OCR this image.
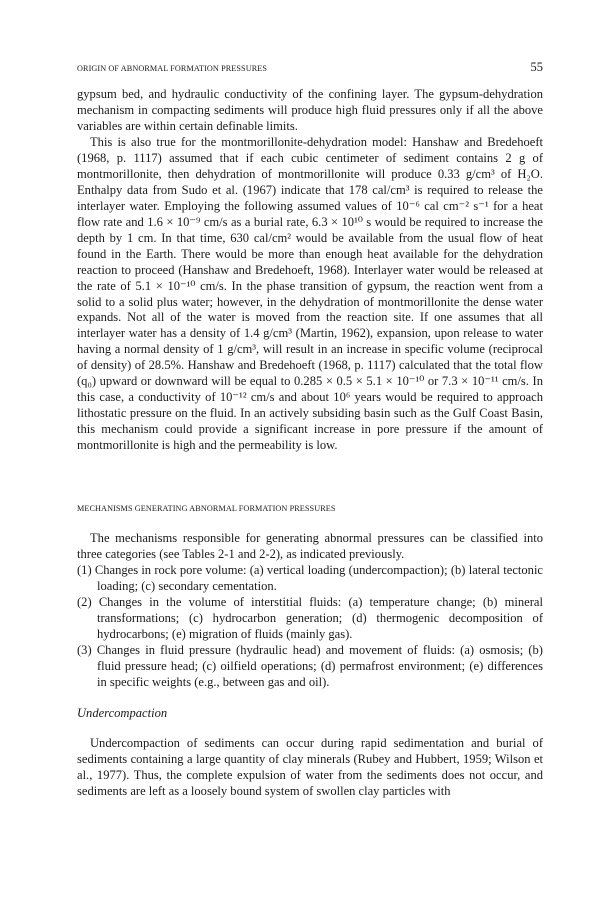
ORIGIN OF ABNORMAL FORMATION PRESSURES	55

gypsum bed, and hydraulic conductivity of the confining layer. The gypsum-dehydration mechanism in compacting sediments will produce high fluid pressures only if all the above variables are within certain definable limits.

This is also true for the montmorillonite-dehydration model: Hanshaw and Bredehoeft (1968, p. 1117) assumed that if each cubic centimeter of sediment contains 2 g of montmorillonite, then dehydration of montmorillonite will produce 0.33 g/cm³ of H₂O. Enthalpy data from Sudo et al. (1967) indicate that 178 cal/cm³ is required to release the interlayer water. Employing the following assumed values of 10⁻⁶ cal cm⁻² s⁻¹ for a heat flow rate and 1.6 × 10⁻⁹ cm/s as a burial rate, 6.3 × 10¹⁰ s would be required to increase the depth by 1 cm. In that time, 630 cal/cm² would be available from the usual flow of heat found in the Earth. There would be more than enough heat available for the dehydration reaction to proceed (Hanshaw and Bredehoeft, 1968). Interlayer water would be released at the rate of 5.1 × 10⁻¹⁰ cm/s. In the phase transition of gypsum, the reaction went from a solid to a solid plus water; however, in the dehydration of montmorillonite the dense water expands. Not all of the water is moved from the reaction site. If one assumes that all interlayer water has a density of 1.4 g/cm³ (Martin, 1962), expansion, upon release to water having a normal density of 1 g/cm³, will result in an increase in specific volume (reciprocal of density) of 28.5%. Hanshaw and Bredehoeft (1968, p. 1117) calculated that the total flow (q₀) upward or downward will be equal to 0.285 × 0.5 × 5.1 × 10⁻¹⁰ or 7.3 × 10⁻¹¹ cm/s. In this case, a conductivity of 10⁻¹² cm/s and about 10⁶ years would be required to approach lithostatic pressure on the fluid. In an actively subsiding basin such as the Gulf Coast Basin, this mechanism could provide a significant increase in pore pressure if the amount of montmorillonite is high and the permeability is low.

MECHANISMS GENERATING ABNORMAL FORMATION PRESSURES

The mechanisms responsible for generating abnormal pressures can be classified into three categories (see Tables 2-1 and 2-2), as indicated previously.

(1) Changes in rock pore volume: (a) vertical loading (undercompaction); (b) lateral tectonic loading; (c) secondary cementation.
(2) Changes in the volume of interstitial fluids: (a) temperature change; (b) mineral transformations; (c) hydrocarbon generation; (d) thermogenic decomposition of hydrocarbons; (e) migration of fluids (mainly gas).
(3) Changes in fluid pressure (hydraulic head) and movement of fluids: (a) osmosis; (b) fluid pressure head; (c) oilfield operations; (d) permafrost environment; (e) differences in specific weights (e.g., between gas and oil).
Undercompaction

Undercompaction of sediments can occur during rapid sedimentation and burial of sediments containing a large quantity of clay minerals (Rubey and Hubbert, 1959; Wilson et al., 1977). Thus, the complete expulsion of water from the sediments does not occur, and sediments are left as a loosely bound system of swollen clay particles with
